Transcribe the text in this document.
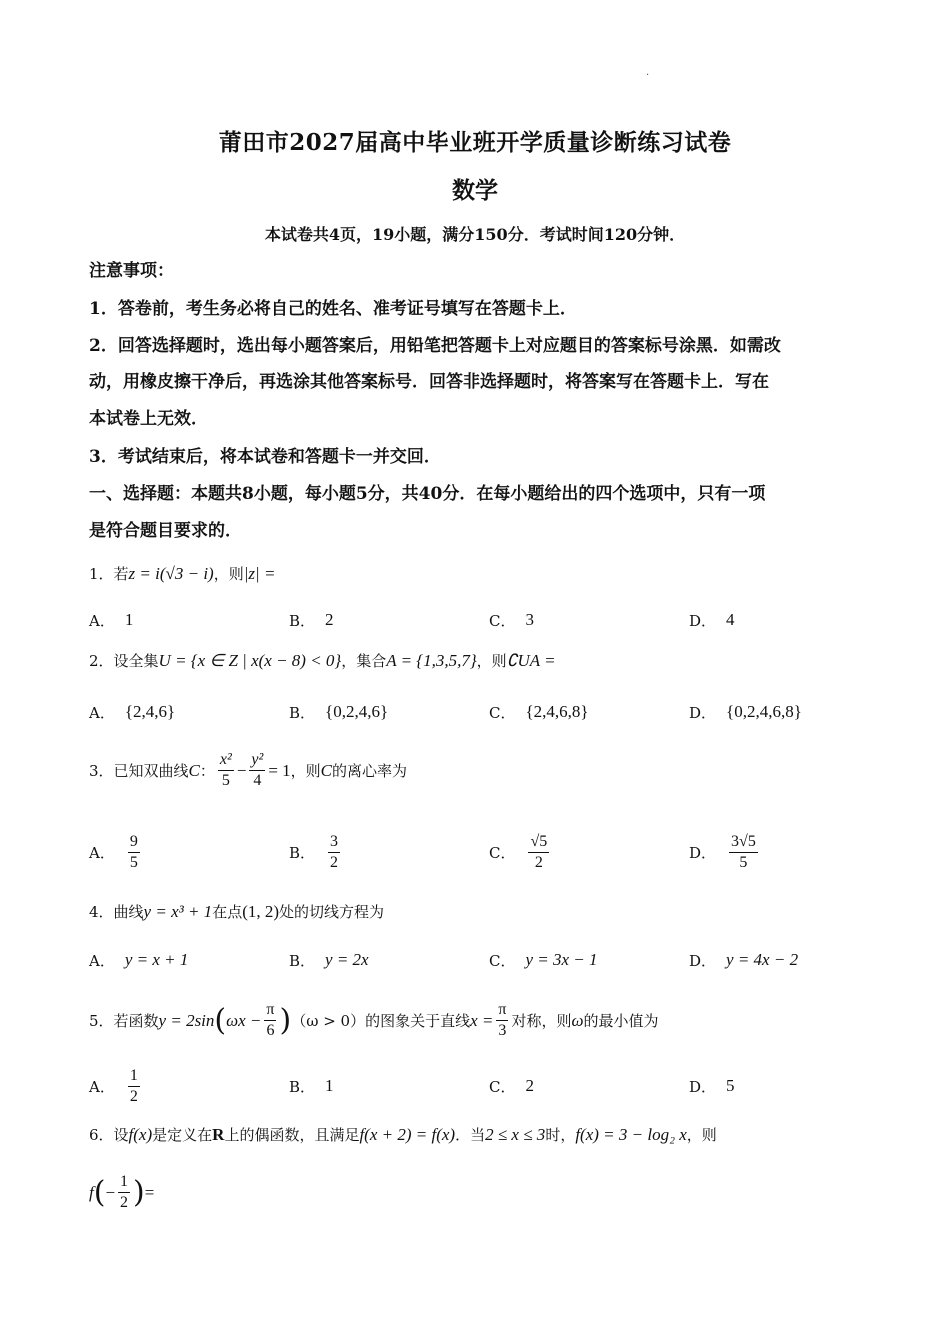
·
莆田市2027届高中毕业班开学质量诊断练习试卷
数学
本试卷共4页，19小题，满分150分．考试时间120分钟．
注意事项：
1．答卷前，考生务必将自己的姓名、准考证号填写在答题卡上．
2．回答选择题时，选出每小题答案后，用铅笔把答题卡上对应题目的答案标号涂黑．如需改
动，用橡皮擦干净后，再选涂其他答案标号．回答非选择题时，将答案写在答题卡上．写在
本试卷上无效．
3．考试结束后，将本试卷和答题卡一并交回．
一、选择题：本题共8小题，每小题5分，共40分．在每小题给出的四个选项中，只有一项
是符合题目要求的．
1．若z = i(√3 − i)，则|z| =
A． 1	B． 2	C． 3	D． 4
2．设全集U = {x ∈ Z | x(x − 8) < 0}，集合A = {1,3,5,7}，则∁UA =
A． {2,4,6}	B． {0,2,4,6}	C． {2,4,6,8}	D． {0,2,4,6,8}
3．已知双曲线 C ： $\frac{\text{x²}}{5} - \frac{\text{y²}}{4} = 1$ ，则 C 的离心率为
A． $\frac{9}{5}$	B． $\frac{3}{2}$	C． $\frac{√5}{2}$	D． $\frac{3√5}{5}$
4．曲线y = x³ + 1在点(1, 2)处的切线方程为
A． y = x + 1	B． y = 2x	C． y = 3x − 1	D． y = 4x − 2
5．若函数 y = 2sin ( $\omega x - \frac{\pi}{6}$ ) （ω > 0） 的图象关于直线 $x = \frac{\pi}{3}$ 对称，则 ω 的最小值为
A． $\frac{1}{2}$	B． 1	C． 2	D． 5
6．设f(x)是定义在R上的偶函数，且满足f(x + 2) = f(x)．当2 ≤ x ≤ 3时，f(x) = 3 − log₂ x，则
f ( − $\frac{1}{2}$ ) =
